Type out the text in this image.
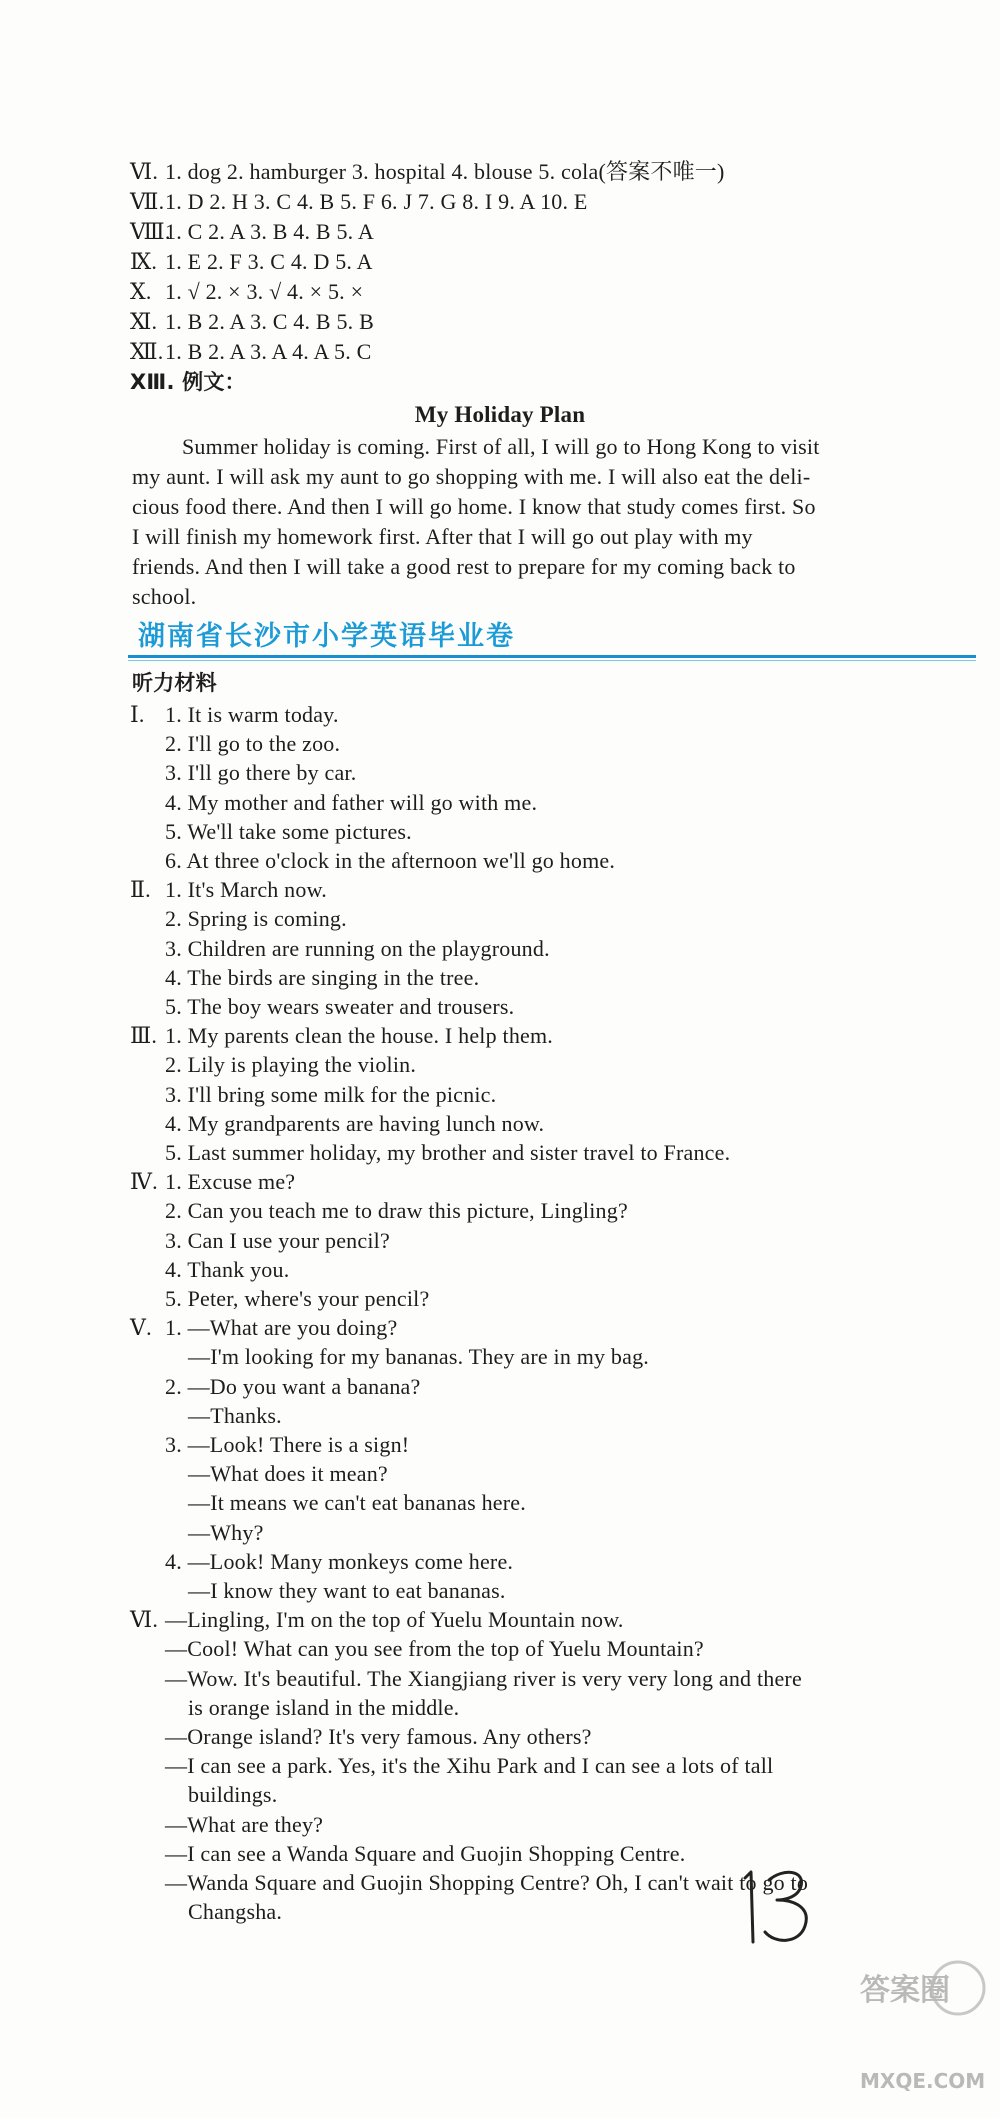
Ⅵ. 1. dog 2. hamburger 3. hospital 4. blouse 5. cola(答案不唯一)
Ⅶ. 1. D 2. H 3. C 4. B 5. F 6. J 7. G 8. I 9. A 10. E
Ⅷ.
1. C 2. A 3. B 4. B 5. A
Ⅸ. 1. E 2. F 3. C 4. D 5. A
Ⅹ. 1. √ 2. × 3. √ 4. × 5. ×
Ⅺ. 1. B 2. A 3. C 4. B 5. B
Ⅻ. 1. B 2. A 3. A 4. A 5. C
ⅩⅢ. 例文：
My Holiday Plan
Summer holiday is coming. First of all, I will go to Hong Kong to visit
my aunt. I will ask my aunt to go shopping with me. I will also eat the deli-
cious food there. And then I will go home. I know that study comes first. So
I will finish my homework first. After that I will go out play with my
friends. And then I will take a good rest to prepare for my coming back to
school.
湖南省长沙市小学英语毕业卷
听力材料
Ⅰ. 1. It is warm today.
2. I'll go to the zoo.
3. I'll go there by car.
4. My mother and father will go with me.
5. We'll take some pictures.
6. At three o'clock in the afternoon we'll go home.
Ⅱ. 1. It's March now.
2. Spring is coming.
3. Children are running on the playground.
4. The birds are singing in the tree.
5. The boy wears sweater and trousers.
Ⅲ. 1. My parents clean the house. I help them.
2. Lily is playing the violin.
3. I'll bring some milk for the picnic.
4. My grandparents are having lunch now.
5. Last summer holiday, my brother and sister travel to France.
Ⅳ. 1. Excuse me?
2. Can you teach me to draw this picture, Lingling?
3. Can I use your pencil?
4. Thank you.
5. Peter, where's your pencil?
Ⅴ. 1. —What are you doing?
—I'm looking for my bananas. They are in my bag.
2. —Do you want a banana?
—Thanks.
3. —Look! There is a sign!
—What does it mean?
—It means we can't eat bananas here.
—Why?
4. —Look! Many monkeys come here.
—I know they want to eat bananas.
Ⅵ. —Lingling, I'm on the top of Yuelu Mountain now.
—Cool! What can you see from the top of Yuelu Mountain?
—Wow. It's beautiful. The Xiangjiang river is very very long and there
is orange island in the middle.
—Orange island? It's very famous. Any others?
—I can see a park. Yes, it's the Xihu Park and I can see a lots of tall
buildings.
—What are they?
—I can see a Wanda Square and Guojin Shopping Centre.
—Wanda Square and Guojin Shopping Centre? Oh, I can't wait to go to
Changsha.
答案圈
MXQE.COM
